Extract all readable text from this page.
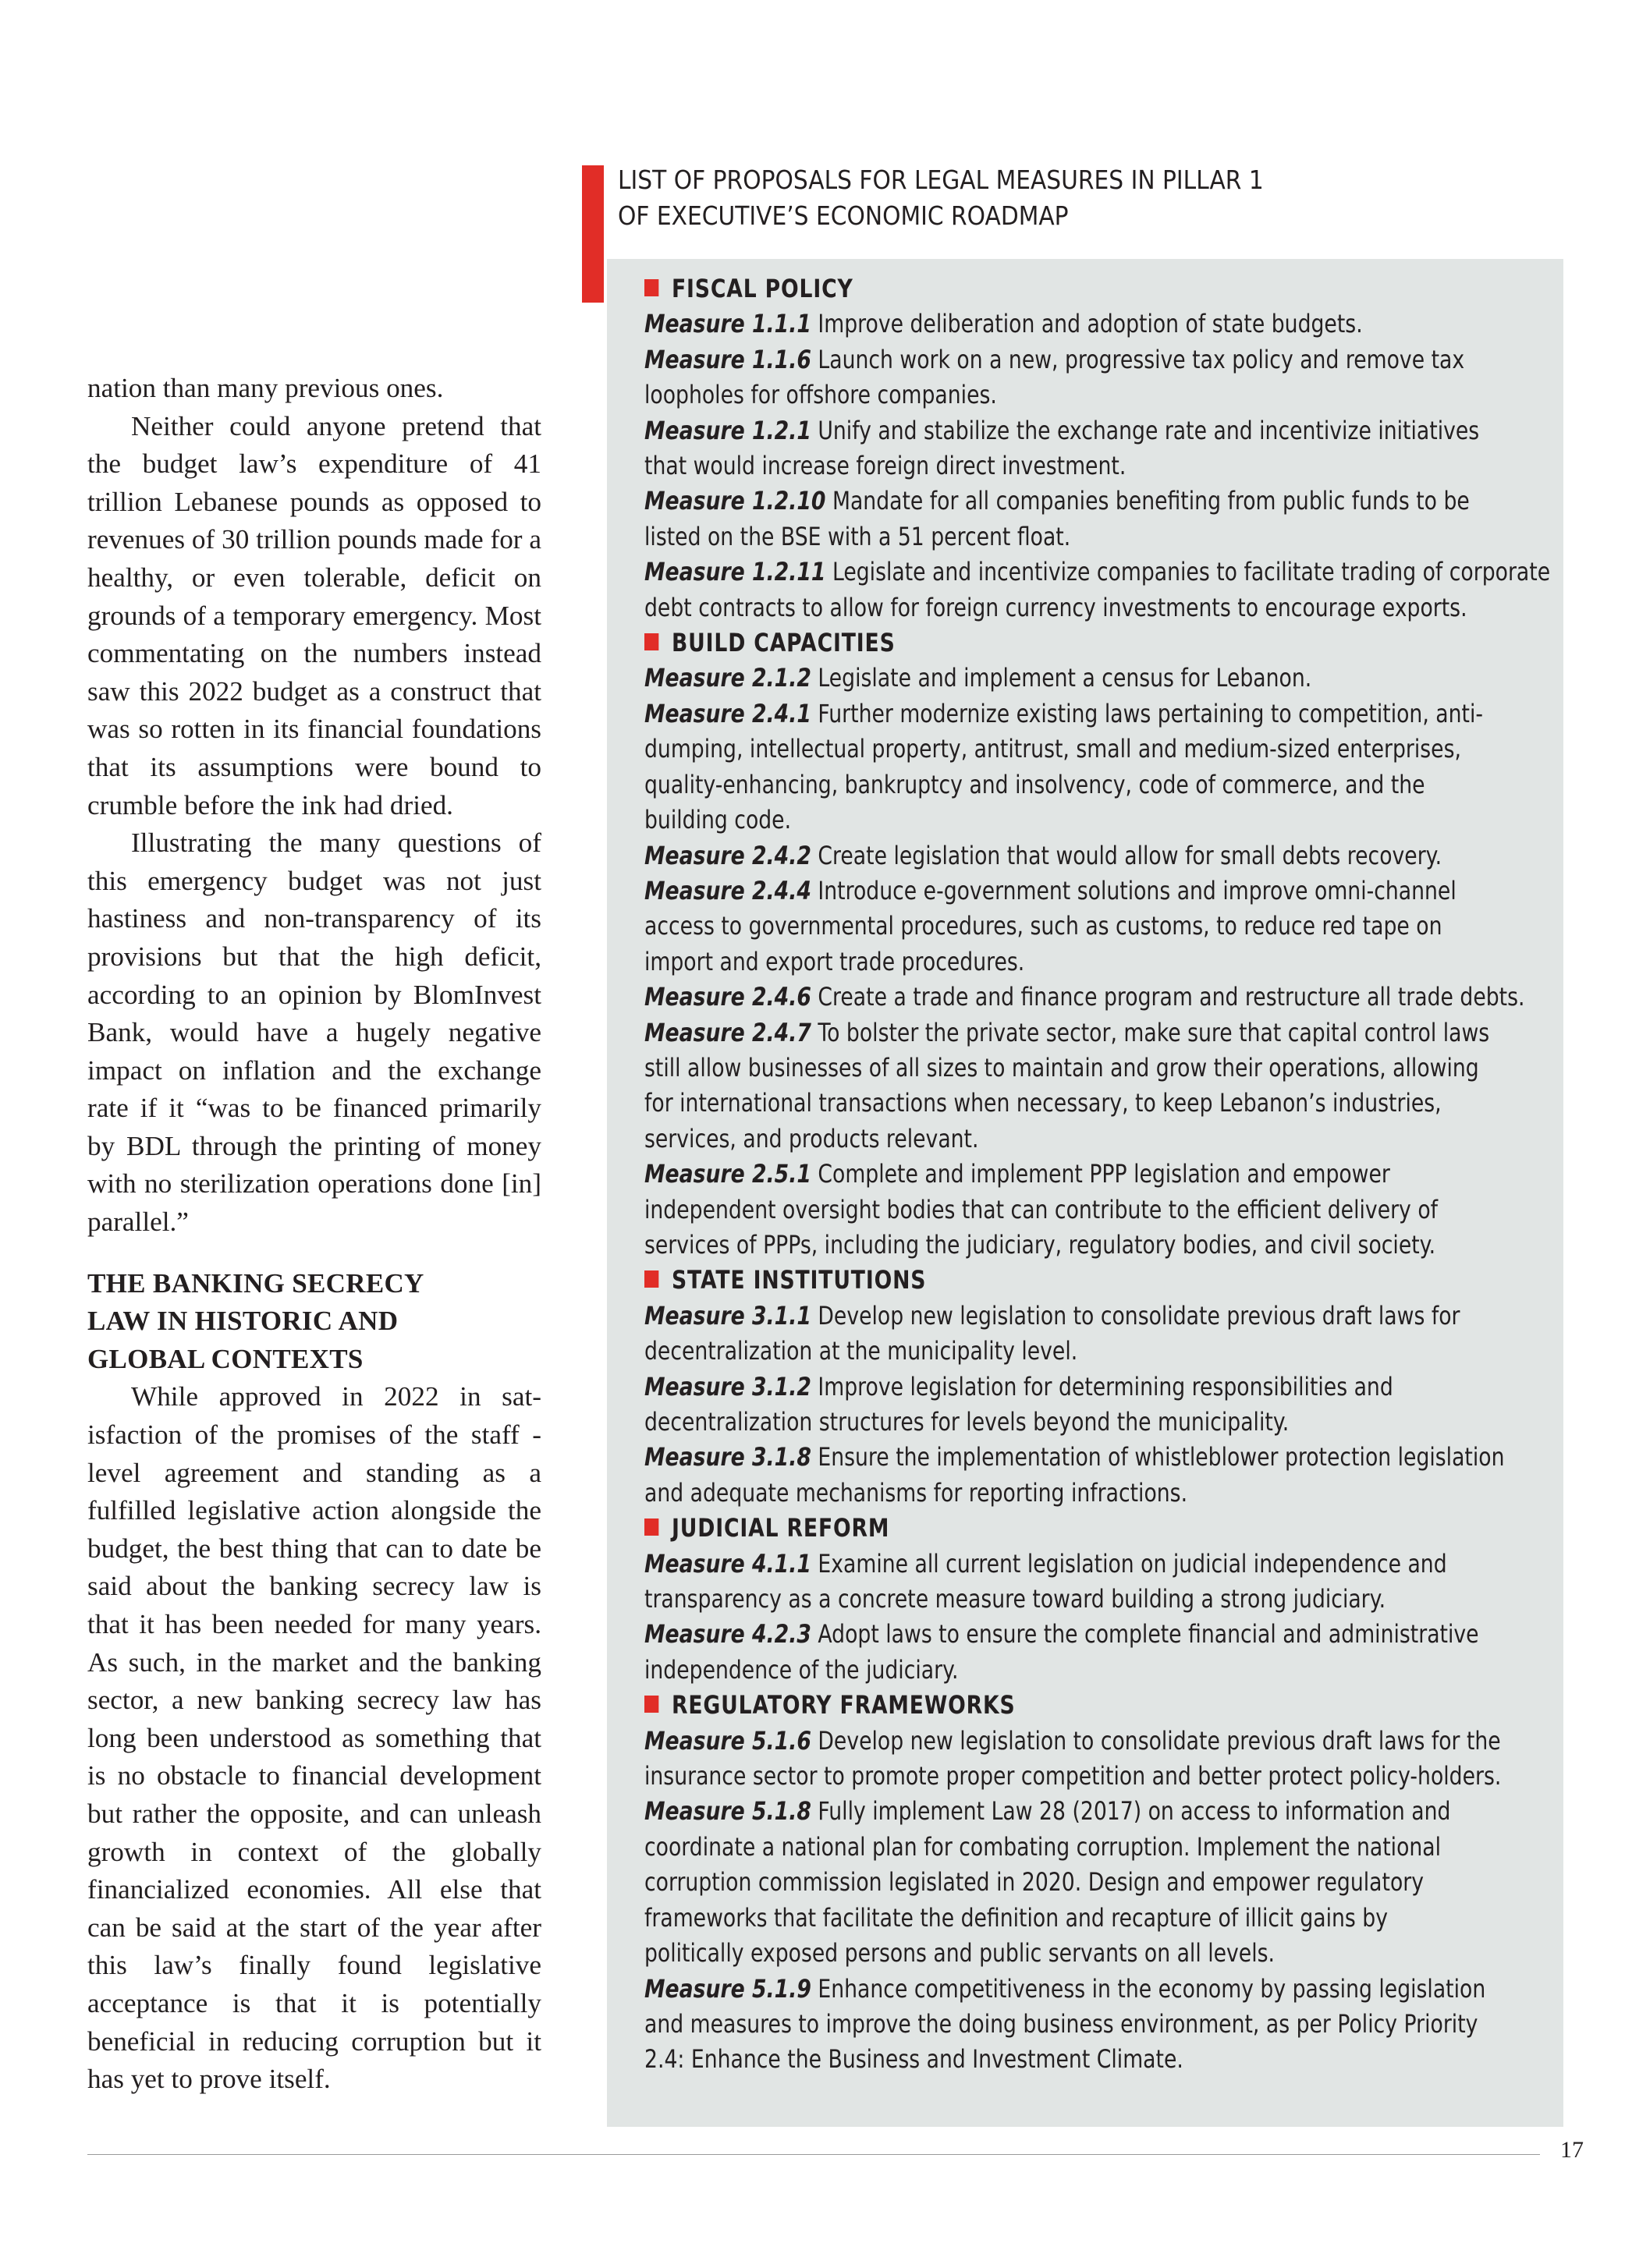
nation than many previous ones.

Neither could anyone pretend that the budget law’s expenditure of 41 trillion Lebanese pounds as opposed to revenues of 30 trillion pounds made for a healthy, or even tolerable, deficit on grounds of a temporary emergency. Most commentating on the numbers instead saw this 2022 budget as a construct that was so rotten in its financial foundations that its assumptions were bound to crumble before the ink had dried.

Illustrating the many questions of this emergency budget was not just hastiness and non-transparency of its provisions but that the high deficit, according to an opinion by BlomInvest Bank, would have a hugely negative impact on inflation and the exchange rate if it “was to be financed primarily by BDL through the printing of money with no sterilization operations done [in] parallel.”

THE BANKING SECRECY
LAW IN HISTORIC AND
GLOBAL CONTEXTS

While approved in 2022 in satisfaction of the promises of the staff -level agreement and standing as a fulfilled legislative action alongside the budget, the best thing that can to date be said about the banking secrecy law is that it has been needed for many years. As such, in the market and the banking sector, a new banking secrecy law has long been understood as something that is no obstacle to financial development but rather the opposite, and can unleash growth in context of the globally financialized economies. All else that can be said at the start of the year after this law’s finally found legislative acceptance is that it is potentially beneficial in reducing corruption but it has yet to prove itself.

LIST OF PROPOSALS FOR LEGAL MEASURES IN PILLAR 1
OF EXECUTIVE’S ECONOMIC ROADMAP
FISCAL POLICY
Measure 1.1.1 Improve deliberation and adoption of state budgets.
Measure 1.1.6 Launch work on a new, progressive tax policy and remove tax
loopholes for offshore companies.
Measure 1.2.1 Unify and stabilize the exchange rate and incentivize initiatives
that would increase foreign direct investment.
Measure 1.2.10 Mandate for all companies benefiting from public funds to be
listed on the BSE with a 51 percent float.
Measure 1.2.11 Legislate and incentivize companies to facilitate trading of corporate
debt contracts to allow for foreign currency investments to encourage exports.
BUILD CAPACITIES
Measure 2.1.2 Legislate and implement a census for Lebanon.
Measure 2.4.1 Further modernize existing laws pertaining to competition, anti-
dumping, intellectual property, antitrust, small and medium-sized enterprises,
quality-enhancing, bankruptcy and insolvency, code of commerce, and the
building code.
Measure 2.4.2 Create legislation that would allow for small debts recovery.
Measure 2.4.4 Introduce e-government solutions and improve omni-channel
access to governmental procedures, such as customs, to reduce red tape on
import and export trade procedures.
Measure 2.4.6 Create a trade and finance program and restructure all trade debts.
Measure 2.4.7 To bolster the private sector, make sure that capital control laws
still allow businesses of all sizes to maintain and grow their operations, allowing
for international transactions when necessary, to keep Lebanon’s industries,
services, and products relevant.
Measure 2.5.1 Complete and implement PPP legislation and empower
independent oversight bodies that can contribute to the efficient delivery of
services of PPPs, including the judiciary, regulatory bodies, and civil society.
STATE INSTITUTIONS
Measure 3.1.1 Develop new legislation to consolidate previous draft laws for
decentralization at the municipality level.
Measure 3.1.2 Improve legislation for determining responsibilities and
decentralization structures for levels beyond the municipality.
Measure 3.1.8 Ensure the implementation of whistleblower protection legislation
and adequate mechanisms for reporting infractions.
JUDICIAL REFORM
Measure 4.1.1 Examine all current legislation on judicial independence and
transparency as a concrete measure toward building a strong judiciary.
Measure 4.2.3 Adopt laws to ensure the complete financial and administrative
independence of the judiciary.
REGULATORY FRAMEWORKS
Measure 5.1.6 Develop new legislation to consolidate previous draft laws for the
insurance sector to promote proper competition and better protect policy-holders.
Measure 5.1.8 Fully implement Law 28 (2017) on access to information and
coordinate a national plan for combating corruption. Implement the national
corruption commission legislated in 2020. Design and empower regulatory
frameworks that facilitate the definition and recapture of illicit gains by
politically exposed persons and public servants on all levels.
Measure 5.1.9 Enhance competitiveness in the economy by passing legislation
and measures to improve the doing business environment, as per Policy Priority
2.4: Enhance the Business and Investment Climate.
17
